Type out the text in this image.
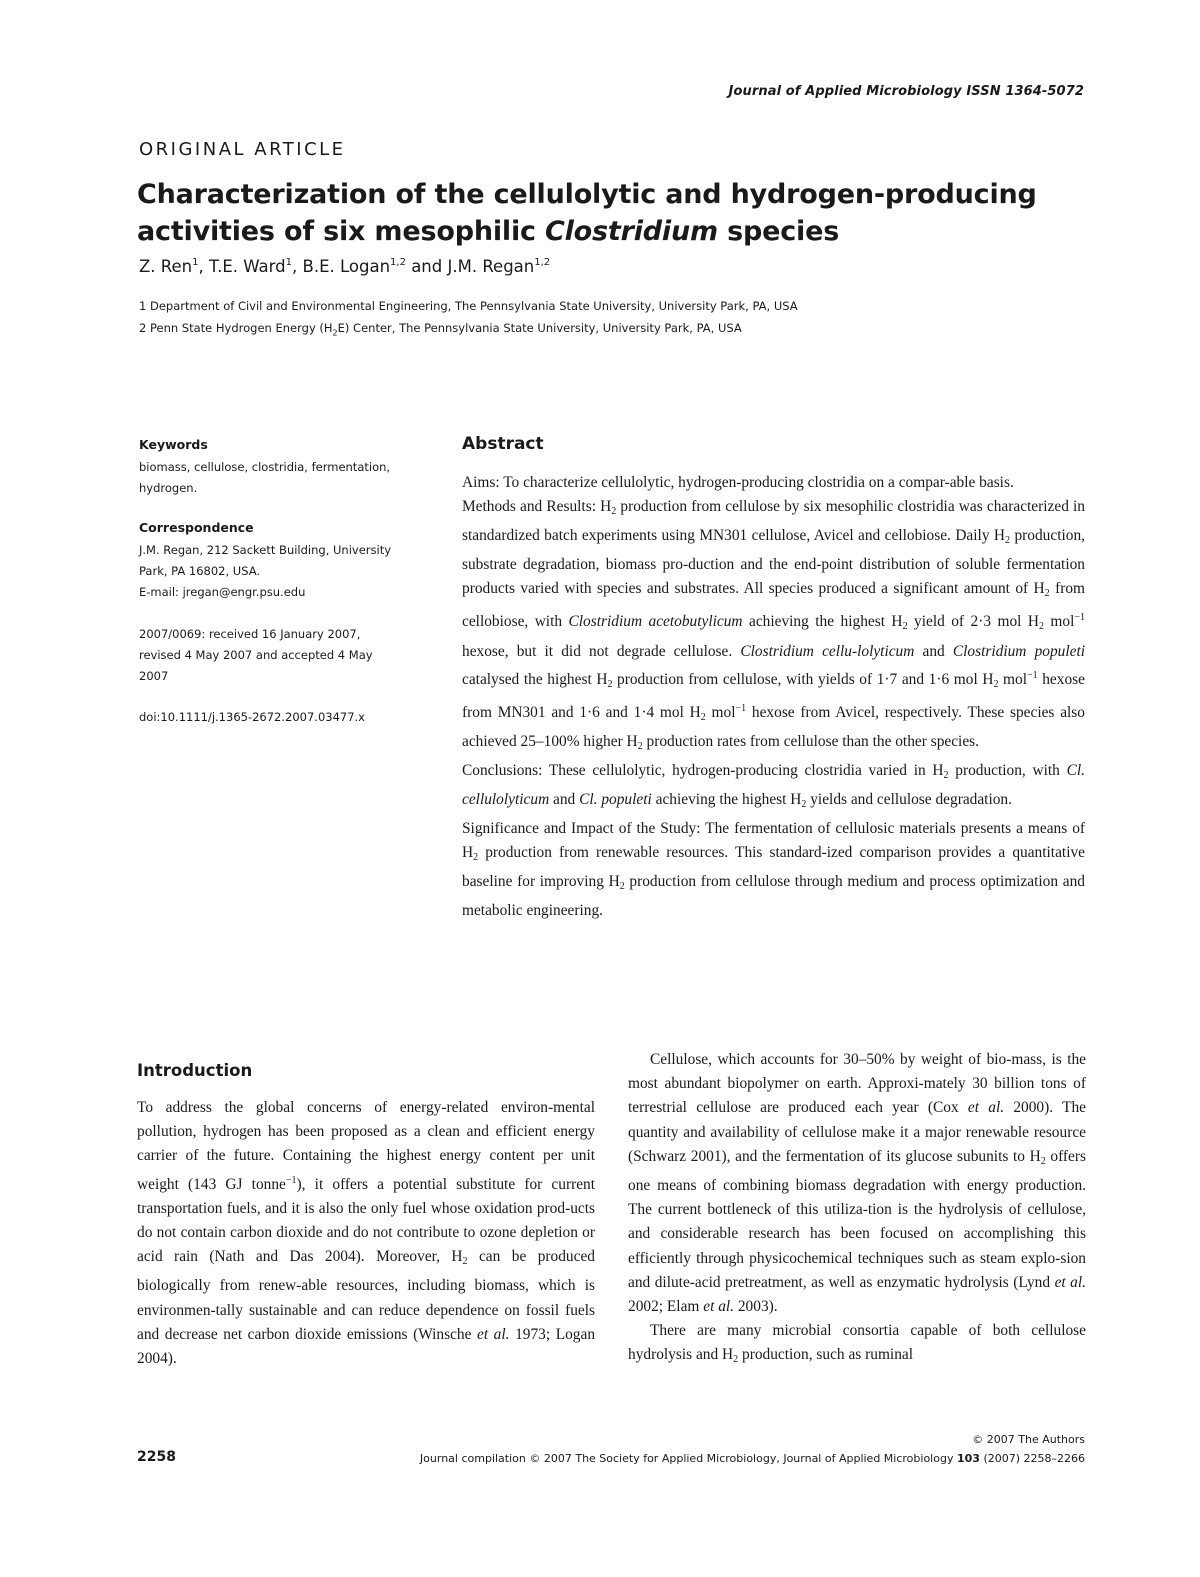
Journal of Applied Microbiology ISSN 1364-5072
ORIGINAL ARTICLE
Characterization of the cellulolytic and hydrogen-producing
activities of six mesophilic Clostridium species
Z. Ren$^1$, T.E. Ward$^1$, B.E. Logan$^{1,2}$ and J.M. Regan$^{1,2}$
1 Department of Civil and Environmental Engineering, The Pennsylvania State University, University Park, PA, USA
2 Penn State Hydrogen Energy $(H_2E)$ Center, The Pennsylvania State University, University Park, PA, USA
Keywords
biomass, cellulose, clostridia, fermentation,
hydrogen.
Correspondence
J.M. Regan, 212 Sackett Building, University
Park, PA 16802, USA.
E-mail: jregan@engr.psu.edu
2007/0069: received 16 January 2007,
revised 4 May 2007 and accepted 4 May
2007
doi:10.1111/j.1365-2672.2007.03477.x
Abstract

Aims: To characterize cellulolytic, hydrogen-producing clostridia on a compar-able basis.

Methods and Results: $H_2$ production from cellulose by six mesophilic clostridia was characterized in standardized batch experiments using MN301 cellulose, Avicel and cellobiose. Daily $H_2$ production, substrate degradation, biomass pro-duction and the end-point distribution of soluble fermentation products varied with species and substrates. All species produced a significant amount of $H_2$ from cellobiose, with Clostridium acetobutylicum achieving the highest $H_2$ yield of 2·3 mol $H_2$ mol$^{-1}$ hexose, but it did not degrade cellulose. Clostridium cellu-lolyticum and Clostridium populeti catalysed the highest $H_2$ production from cellulose, with yields of 1·7 and 1·6 mol $H_2$ mol$^{-1}$ hexose from MN301 and 1·6 and 1·4 mol $H_2$ mol$^{-1}$ hexose from Avicel, respectively. These species also achieved 25–100% higher $H_2$ production rates from cellulose than the other species.

Conclusions: These cellulolytic, hydrogen-producing clostridia varied in $H_2$ production, with Cl. cellulolyticum and Cl. populeti achieving the highest $H_2$ yields and cellulose degradation.

Significance and Impact of the Study: The fermentation of cellulosic materials presents a means of $H_2$ production from renewable resources. This standard-ized comparison provides a quantitative baseline for improving $H_2$ production from cellulose through medium and process optimization and metabolic engineering.

Introduction

To address the global concerns of energy-related environ-mental pollution, hydrogen has been proposed as a clean and efficient energy carrier of the future. Containing the highest energy content per unit weight (143 GJ tonne$^{-1}$), it offers a potential substitute for current transportation fuels, and it is also the only fuel whose oxidation prod-ucts do not contain carbon dioxide and do not contribute to ozone depletion or acid rain (Nath and Das 2004). Moreover, $H_2$ can be produced biologically from renew-able resources, including biomass, which is environmen-tally sustainable and can reduce dependence on fossil fuels and decrease net carbon dioxide emissions (Winsche et al. 1973; Logan 2004).

Cellulose, which accounts for 30–50% by weight of bio-mass, is the most abundant biopolymer on earth. Approxi-mately 30 billion tons of terrestrial cellulose are produced each year (Cox et al. 2000). The quantity and availability of cellulose make it a major renewable resource (Schwarz 2001), and the fermentation of its glucose subunits to $H_2$ offers one means of combining biomass degradation with energy production. The current bottleneck of this utiliza-tion is the hydrolysis of cellulose, and considerable research has been focused on accomplishing this efficiently through physicochemical techniques such as steam explo-sion and dilute-acid pretreatment, as well as enzymatic hydrolysis (Lynd et al. 2002; Elam et al. 2003).

There are many microbial consortia capable of both cellulose hydrolysis and $H_2$ production, such as ruminal

© 2007 The Authors
2258	Journal compilation © 2007 The Society for Applied Microbiology, Journal of Applied Microbiology 103 (2007) 2258–2266
